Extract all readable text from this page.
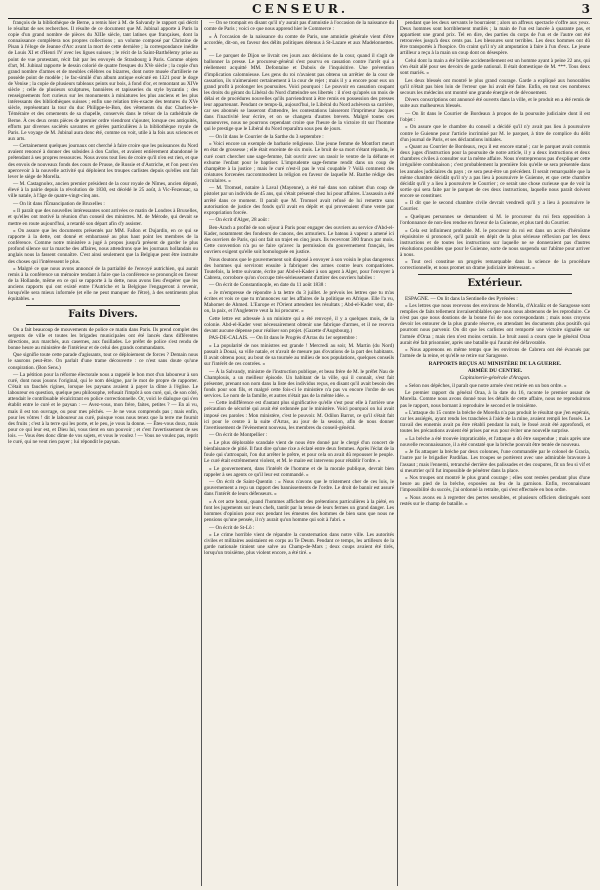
CENSEUR.	3

françois de la bibliothèque de Berne, a remis hier à M. de Salvandy le rapport qui décrit le résultat de ses recherches. Il résulte de ce document que M. Jubinal apporte à Paris la copie d'un grand nombre de pièces du XIIIe siècle, tant latines que françaises, dont la connaissance complètera nos propres collections ; un volume composé par Christine de Pisan à l'éloge de Jeanne d'Arc avant la mort de cette dernière ; la correspondance inédite de Louis XI et d'Henri IV avec les ligues suisses ; le récit de la Saint-Barthélemy prise au point de vue protestant, récit fait par les envoyés de Strasbourg à Paris. Comme objets d'art, M. Jubinal rapporte le dessin colorié de quatre fresques du XVe siècle ; la copie d'un grand nombre d'armes et de meubles célèbres ou bizarres, dont notre musée d'artillerie ne possède point de modèle ; le fac-similé d'un album antique exécuté en 1321 pour le doge de Venise ; la copie de plusieurs tableaux peints sur bois, à fond d'or, et remontant au XIVe siècle ; celle de plusieurs sculptures, bannières et tapisseries du style byzantin ; des renseignements fort curieux sur les monuments à miniatures les plus anciens et les plus intéressants des bibliothèques suisses ; enfin une relation très-exacte des tentures du XVe siècle, représentant la tour du duc Philippe-le-Bon, des vêtements du duc Charles-le-Téméraire et des ornements de sa chapelle, conservés dans le trésor de la cathédrale de Berne. À ces deux cents pièces de premier ordre viendront s'ajouter, lorsque ces antiquités, efforts par diverses sociétés savantes et gérées particulières à la bibliothèque royale de Paris. Le voyage de M. Jubinal aura donc été, comme on voit, utile à la fois aux sciences et aux arts.

— Certainement quelques journaux ont cherché à faire croire que les puissances du Nord avaient renoncé à donner des subsides à don Carlos, et avaient entièrement abandonné le prétendant à ses propres ressources. Nous avons tout lieu de croire qu'il n'en est rien, et que des envois de nouveaux fonds des cours de Prusse, de Russie et d'Autriche, et l'on peut s'en apercevoir à la nouvelle activité qui déploient les troupes carlistes depuis qu'elles ont fait lever le siège de Morella.

— M. Castagnolex, ancien premier président de la cour royale de Nîmes, ancien député, élevé à la pairie depuis la révolution de 1830, est décédé le 25 août, à Vic-Fezensac, sa ville natale, à l'âge de quatre-vingt-cinq ans.

— On lit dans l'Émancipation de Bruxelles :

« Il paraît que des nouvelles intéressantes sont arrivées ce matin de Londres à Bruxelles, et qu'elles ont motivé la réunion d'un conseil des ministres. M. de Mérode, qui devait se mettre en route aujourd'hui, a retardé son départ afin d'y assister.

« On assure que les documents présentés par MM. Fallon et Dujardin, en ce qui se rapporte à la dette, ont donné et embarrassé au plus haut point les membres de la conférence. Comme notre ministère a jugé à propos jusqu'à présent de garder le plus profond silence sur la marche des affaires, nous attendrons que les journaux hollandais ou anglais nous la fassent connaître. C'est ainsi seulement que la Belgique peut être instruite des choses qui l'intéressent le plus.

« Malgré ce que nous avons annoncé de la partialité de l'envoyé autrichien, qui aurait remis à la conférence un mémoire tendant à faire que la conférence se prononçât en faveur de la Hollande, même en ce qui se rapporte à la dette, nous avons lieu d'espérer que les anciens rapports qui ont existé entre l'Autriche et la Belgique l'engageront à revenir, lorsqu'elle sera mieux informée (et elle ne peut manquer de l'être), à des sentiments plus équitables. »

Faits Divers.

On a fait beaucoup de mouvements de police ce matin dans Paris. Ils prend complet des sergents de ville et toutes les brigades municipales ont été lancés dans différentes directions, aux marchés, aux casernes, aux fusillades. Le préfet de police s'est rendu de bonne heure au ministère de l'intérieur et de celui des grands commandants.

Que signifie toute cette parade d'agissants, tout ce déploiement de forces ? Demain nous le saurons peut-être. On parlait d'une trame découverte : ce n'est sans doute qu'une conspiration. (Bon Sens.)

— La pétition pour la réforme électorale nous a rappelé le bon mot d'un laboureur à son curé, dont nous jouons l'original, qui le nom désigne, par le mot de propre de rapporter. C'était un fauchés rigines, lorsque les paysans avaient à payer la dîme à l'église. Le laboureur en question, quelque peu philosophe, refusait l'impôt à son curé, qui, de son côté, attendait le contribuable récalcitrant en police correctionnelle. Or, voici le dialogue qui s'en établit entre le curé et le paysan : — Avez-vous, mon frère, faites, petites ? — En ai vu, mais il est ton ouvrage, ou pour mes pêchés. — Je ne vous comprends pas ; mais enfin, pour les vôtres ! dit le laboureur au curé, puisque vous nous tenez que la terre me fournit des fruits ; c'est à la terre qui les porte, et le peu, je vous la donne. — Êtes-vous doux, mais pour ce qui leur est, et Dieu lui, vous tient en son pouvoir ; et c'est l'avertissement de ses lois. — Vous êtes donc dîme de vos sujets, et vous le voulez ! — Vous ne voulez pas, reprit le curé, qui ne veut rien payer ; lui répondit le paysan.

— On se trompait en disant qu'il n'y aurait pas d'amnistie à l'occasion de la naissance du comte de Paris ; voici ce que nous apprend hier le Commerce :

« À l'occasion de la naissance du comte de Paris, une amnistie générale vient d'être accordée, dit-on, en faveur des délits politiques détenus à St-Lazare et aux Madelonnettes. »

— Le parquet de Dijon se livrait ces jours aux décisions de la cour, quand il s'agit de ballonner la presse. Le procureur-général s'est pourvu en cassation contre l'arrêt qui a réellement acquitté MM. Defontaine et Dubois de l'inquisitive. Une prévention d'implication calomnieuse. Les gens du roi n'avaient pas obtenu un arrêtier de la cour de cassation, ils n'aimeraient certainement à la cour de rejet ; mais il y a encore pour eux un grand profit à prolonger les poursuites. Voici pourquoi : Le pouvoir en cassation coupant les droits du gérant du Libéral du Nord d'atteindre ses libertés : il n'est qu'après un mois de délai et de procédures nouvelles qu'ils parviendront à être remis en possession des presses leur appartenant. Pendant ce temps-là, aujourd'hui, le Libéral du Nord achèvera sa carrière, car ses abonnés se lasseront d'attendre, les contestations laisseront l'imprimeur Jacques dans l'inactivité leur écrire, et on se changera d'autres brevets. Malgré toutes ces manœuvres, nous ne pourrons cependant croire que l'heure de la victoire rit sur l'homme qui le prestige que le Libéral du Nord reparaîtra sous peu de jours.

— On lit dans le Courrier de la Sarthe du 3 septembre :

« Voici encore un exemple de barbarie religieuse. Une jeune femme de Montfort meurt en état de grossesse ; elle était enceinte de six mois. Le bruit de sa mort s'étant répandu, le curé court chercher une sage-femme, fait ouvrir avec un rasoir le ventre de la défunte et exhume l'enfant pour le baptiser. L'imprudente sage-femme rendit dans un coup de champêtre à la justice ; mais le curé n'est-il pas le vrai coupable ? Voilà comment des créatures forcenées raccommodent la religion en faveur de laquelle M. Barthe rédige des circulaires. »

— M. Tromsel, notaire à Laval (Mayenne), a été tué dans son cabinet d'un coup de pistolet par un individu de 45 ans, qui s'était présenté chez lui pour affaires. L'assassin a été arrêté dans ce moment. Il paraît que M. Tromsel avait refusé de lui remettre sans autorisation de justice des fonds qu'il avait en dépôt et qui provenaient d'une vente par expropriation forcée.

— On écrit d'Alger, 28 août :

Ben-Arach a profité de son séjour à Paris pour engager des ouvriers au service d'Abd-el-Kader, notamment des fondeurs de canons, des armuriers. Le bateau à vapeur a amené ici des ouvriers de Paris, qui ont fait un trajet en cinq jours. Ils recevront 300 francs par mois. Cette convention n'a pu se faire qu'avec la permission du gouvernement français, les ouvriers exigent qu'elle soit homologuée en justice.

Nous doutons que le gouvernement soit disposé à envoyer à son voisin le plus dangereux des hommes qui serviront ensuite à fabriquer des armes contre leurs compatriotes. Toutefois, la lettre suivante, écrite par Abd-el-Kader à son agent à Alger, pour l'envoyer à Cabrera, corrobore qu'on s'occupe très-sérieusement d'attirer des ouvriers habiles :

— On écrit de Constantinople, en date du 11 août 1838 :

« Je m'empresse de répondre à ta lettre du 3 juillet. Je prévois les lettres que tu m'as écrites et vois ce que tu m'annonces sur les affaires de la politique en Afrique. Elle l'a vu, Mahomet de Ahmed. L'Europe et l'Orient attendent les résultats ; Abd-el-Kader veut, dit-on, la paix, et l'Angleterre veut la lui procurer. »

Cette lettre est adressée à un ministre qui a été renvoyé, il y a quelques mois, de la colonie. Abd-el-Kader veut nécessairement obtenir une fabrique d'armes, et il ne recevra devant aucune dépense pour réaliser son projet. (Gazette d'Augsbourg.)

PAS-DE-CALAIS. — On lit dans le Progrès d'Arras du 1er septembre :

« La popularité de nos ministres est grande ! Mercredi au soir, M. Martin (du Nord) passait à Douai, sa ville natale, et n'avait de mesure pas d'ovations de la part des habitants. Il avait obtenu pour, au bout de sa tournée au milieu de nos populations, quelques conseils sur l'intérêt de ces contrées. »

— À la Salvandy, ministre de l'instruction publique, et beau frère de M. le préfet Nau de Champlouis, a un meilleur épisode. Un habitant de la ville, qui il connaît, s'est fait présenter, prenant son nom dans la liste des individus reçus, en disant qu'il avait besoin des fonds pour son fils, et malgré cette fois-ci le ministère n'a pas vu encore l'ordre de ses services. Le nom de la famille, et autres n'était pas de la même idée. »

— Cette indifférence est d'autant plus significative qu'elle s'est pour elle à l'arrière une précaution de sécurité qui avait été ordonnée par le ministère. Voici pourquoi on lui avait imposé ces paroles : Mon ministère, c'est le pouvoir. M. Odilon Barrot, ce qu'il s'était fait ici pour le centre à la suite d'Arras, au jour de la session, afin de nous donner l'avertissement de l'évènement nouveau, les membres du conseil-général.

— On écrit de Montpellier :

« Le plus déplorable scandale vient de nous être donné par le clergé d'un concert de bienfaisance de pitié. Il faut dire qu'une rixe a éclaté entre deux femmes. Après l'éclat de la foule qui s'attroupait, l'on dut arrêter le prêtre, et pour cela on avait dû repousser le peuple. Le curé était extrêmement violent, et M. le maire est intervenu pour rétablir l'ordre. »

« Le gouvernement, dans l'intérêt de l'homme et de la morale publique, devrait bien rappeler à ses agents ce qu'il leur est commandé. »

— On écrit de Saint-Quentin : « Nous n'avons que le tristement cher de ces lois, le gouvernement a reçu un rapport des bannissements de l'ordre. Le droit de bannir est assuré dans l'intérêt de leurs défenseurs. »

« A cet acte honni, quand l'hommes affichent des prétentions particulières à la piété, en font les jugements sur leurs chefs, tantôt par la tenue de leurs fermes un grand danger. Les hommes d'opinion pour eux pendant les émeutes des hommes de bien sans que nous ne pensions qu'une pensée, il n'y aurait qu'un homme qui soit à l'abri. »

— On écrit de St-Lô :

« Le crime horrible vient de répandre la consternation dans notre ville. Les autorités civiles et militaires assistaient en corps au Te Deum. Pendant ce temps, les artilleurs de la garde nationale tiraient une salve au Champ-de-Mars ; deux coups avaient été tirés, lorsqu'un troisième, plus violent encore, a été tiré. »

pendant que les deux servants le bourraient ; alors un affreux spectacle s'offre aux yeux. Deux hommes sont horriblement mutilés ; la main de l'un est lancée à quarante pas, et appartient une grand prix. Tel en dire, des parties du corps de l'un et de l'autre ont été retrouvées jusqu'à deux cents pas. Les blessures sont terribles. Les deux hommes ont dû être transportés à l'hospice. On craint qu'il n'y ait amputation à faire à l'un d'eux. Le jeune artilleur a reçu à la main un coup dont on désespère.

Celui dont la main a été brûlée accidentellement est un homme ayant à peine 22 ans, qui s'en était allé pour ses devoirs de garde national. Il était domestique de M. ***. Tous deux sont mariés. »

Les deux blessés ont montré le plus grand courage. Garde a expliqué aux honorables qu'il n'était pas bien loin de l'erreur que lui avait été faite. Enfin, en tout ces nombreux secours les médecins ont montré une grande énergie et de dévouement.

Divers conscriptions ont annoncé été ouverts dans la ville, et le produit en a été remis de suite aux malheureux blessés.

— On lit dans le Courrier de Bordeaux à propos de la poursuite judiciaire dont il est l'objet :

« On assure que le chambre du conseil a décidé qu'il n'y avait pas lieu à poursuivre contre le Guienne pour l'article incriminé par M. le parquet, à titre de complice du délit d'un journal de Paris, et ses déclarations initiales.

« Quant au Courrier de Bordeaux, reçu il est encore statué ; car le parquet avait commis deux juges d'instruction pour la poursuite de notre article, il y a deux instructions et deux chambres civiles à consulter sur la même affaire. Nous n'entreprenons pas d'expliquer cette irrégulière combinaison ; c'est probablement la première fois qu'elle se sera présentée dans les annales judiciaires du pays ; ce sera peut-être un précédent. Il serait remarquable que la même chambre décidât qu'il n'y a pas lieu à poursuivre le Guienne, et que cette chambre décidât qu'il y a lieu à poursuivre le Courrier ; ce serait une chose curieuse que de voir la sortie qui sera faite par le parquet de ces deux instructions, laquelle nous paraît doivent encore se constituer.

« Il dit que le second chambre civile devrait vendredi qu'il y a lieu à poursuivre le Courrier.

« Quelques personnes se demandent si M. le procureur du roi fera opposition à l'ordonnance de non-lieu rendue en faveur de la Guienne, et plus tard du Courrier.

« Cela est infiniment probable. M. le procureur du roi est dans un accès d'héroïsme réquisitoire si prononcé, qu'il paraît en dépit de la plus sérieuse réflexion par les deux instructions et de toutes les instructions sur laquelle ne se donneraient pas d'autres résolutions possibles que pour le Guienne, sorte de nous suspendu sur l'abîme pour arriver à nous.

« Tout ceci constitue un progrès remarquable dans la science de la procédure correctionnelle, et nous promet un drame judiciaire intéressant. »

Extérieur.

ESPAGNE. — On lit dans la Sentinelle des Pyrénées :

« Les lettres que nous recevons des environs de Morella, d'Alcañiz et de Saragosse sont remplies de faits tellement invraisemblables que nous nous abstenons de les reproduire. Ce n'est pas que nous doutions de la bonne foi de nos correspondants ; mais nous croyons devoir les entourer de la plus grande réserve, en attendant les documents plus positifs qui pourront nous parvenir. On dit que les carlistes ont remporté une victoire signalée sur l'armée d'Oraa ; mais rien n'est moins certain. Le bruit aussi a couru que le général Oraa aurait été fait prisonnier, après une bataille qui l'aurait été défavorable.

« Nous apprenons en même temps que les environs de Cabrera ont été évacués par l'armée de la reine, et qu'elle se retire sur Saragosse.

RAPPORTS REÇUS AU MINISTÈRE DE LA GUERRE.
ARMÉE DU CENTRE.
Capitainerie-générale d'Aragon.

« Selon nos dépêches, il paraît que notre armée s'est retirée en un bon ordre. »

Le premier rapport du général Oraa, à la date du 16, raconte le premier assaut de Morella. Comme nous avons donné tous les détails de cette affaire, nous ne reproduirons pas le rapport, nous bornant à reproduire le second et le troisième.

« L'attaque du 15 contre la brèche de Morella n'a pas produit le résultat que j'en espérais, car les assiégés, ayant rendu les tranchées à l'aide de la mine, avaient rempli les fossés. Le travail des ennemis avait pu être rétabli pendant la nuit, le fossé avait été approfondi, et toutes les précautions avaient été prises par eux pour éviter une nouvelle surprise.

« La brèche a été trouvée impraticable, et l'attaque a dû être suspendue ; mais après une nouvelle reconnaissance, il a été constaté que la brèche pouvait être tentée de nouveau.

« Je fis attaquer la brèche par deux colonnes, l'une commandée par le colonel de Gracia, l'autre par le brigadier Pardiñas. Les troupes se portèrent avec une admirable bravoure à l'assaut ; mais l'ennemi, retranché derrière des palissades et des coupures, fit un feu si vif et si meurtrier qu'il fut impossible de pénétrer dans la place.

« Nos troupes ont montré le plus grand courage ; elles sont restées pendant plus d'une heure au pied de la brèche, exposées au feu de la garnison. Enfin, reconnaissant l'impossibilité du succès, j'ai ordonné la retraite, qui s'est effectuée en bon ordre.

« Nous avons eu à regretter des pertes sensibles, et plusieurs officiers distingués sont restés sur le champ de bataille. »
